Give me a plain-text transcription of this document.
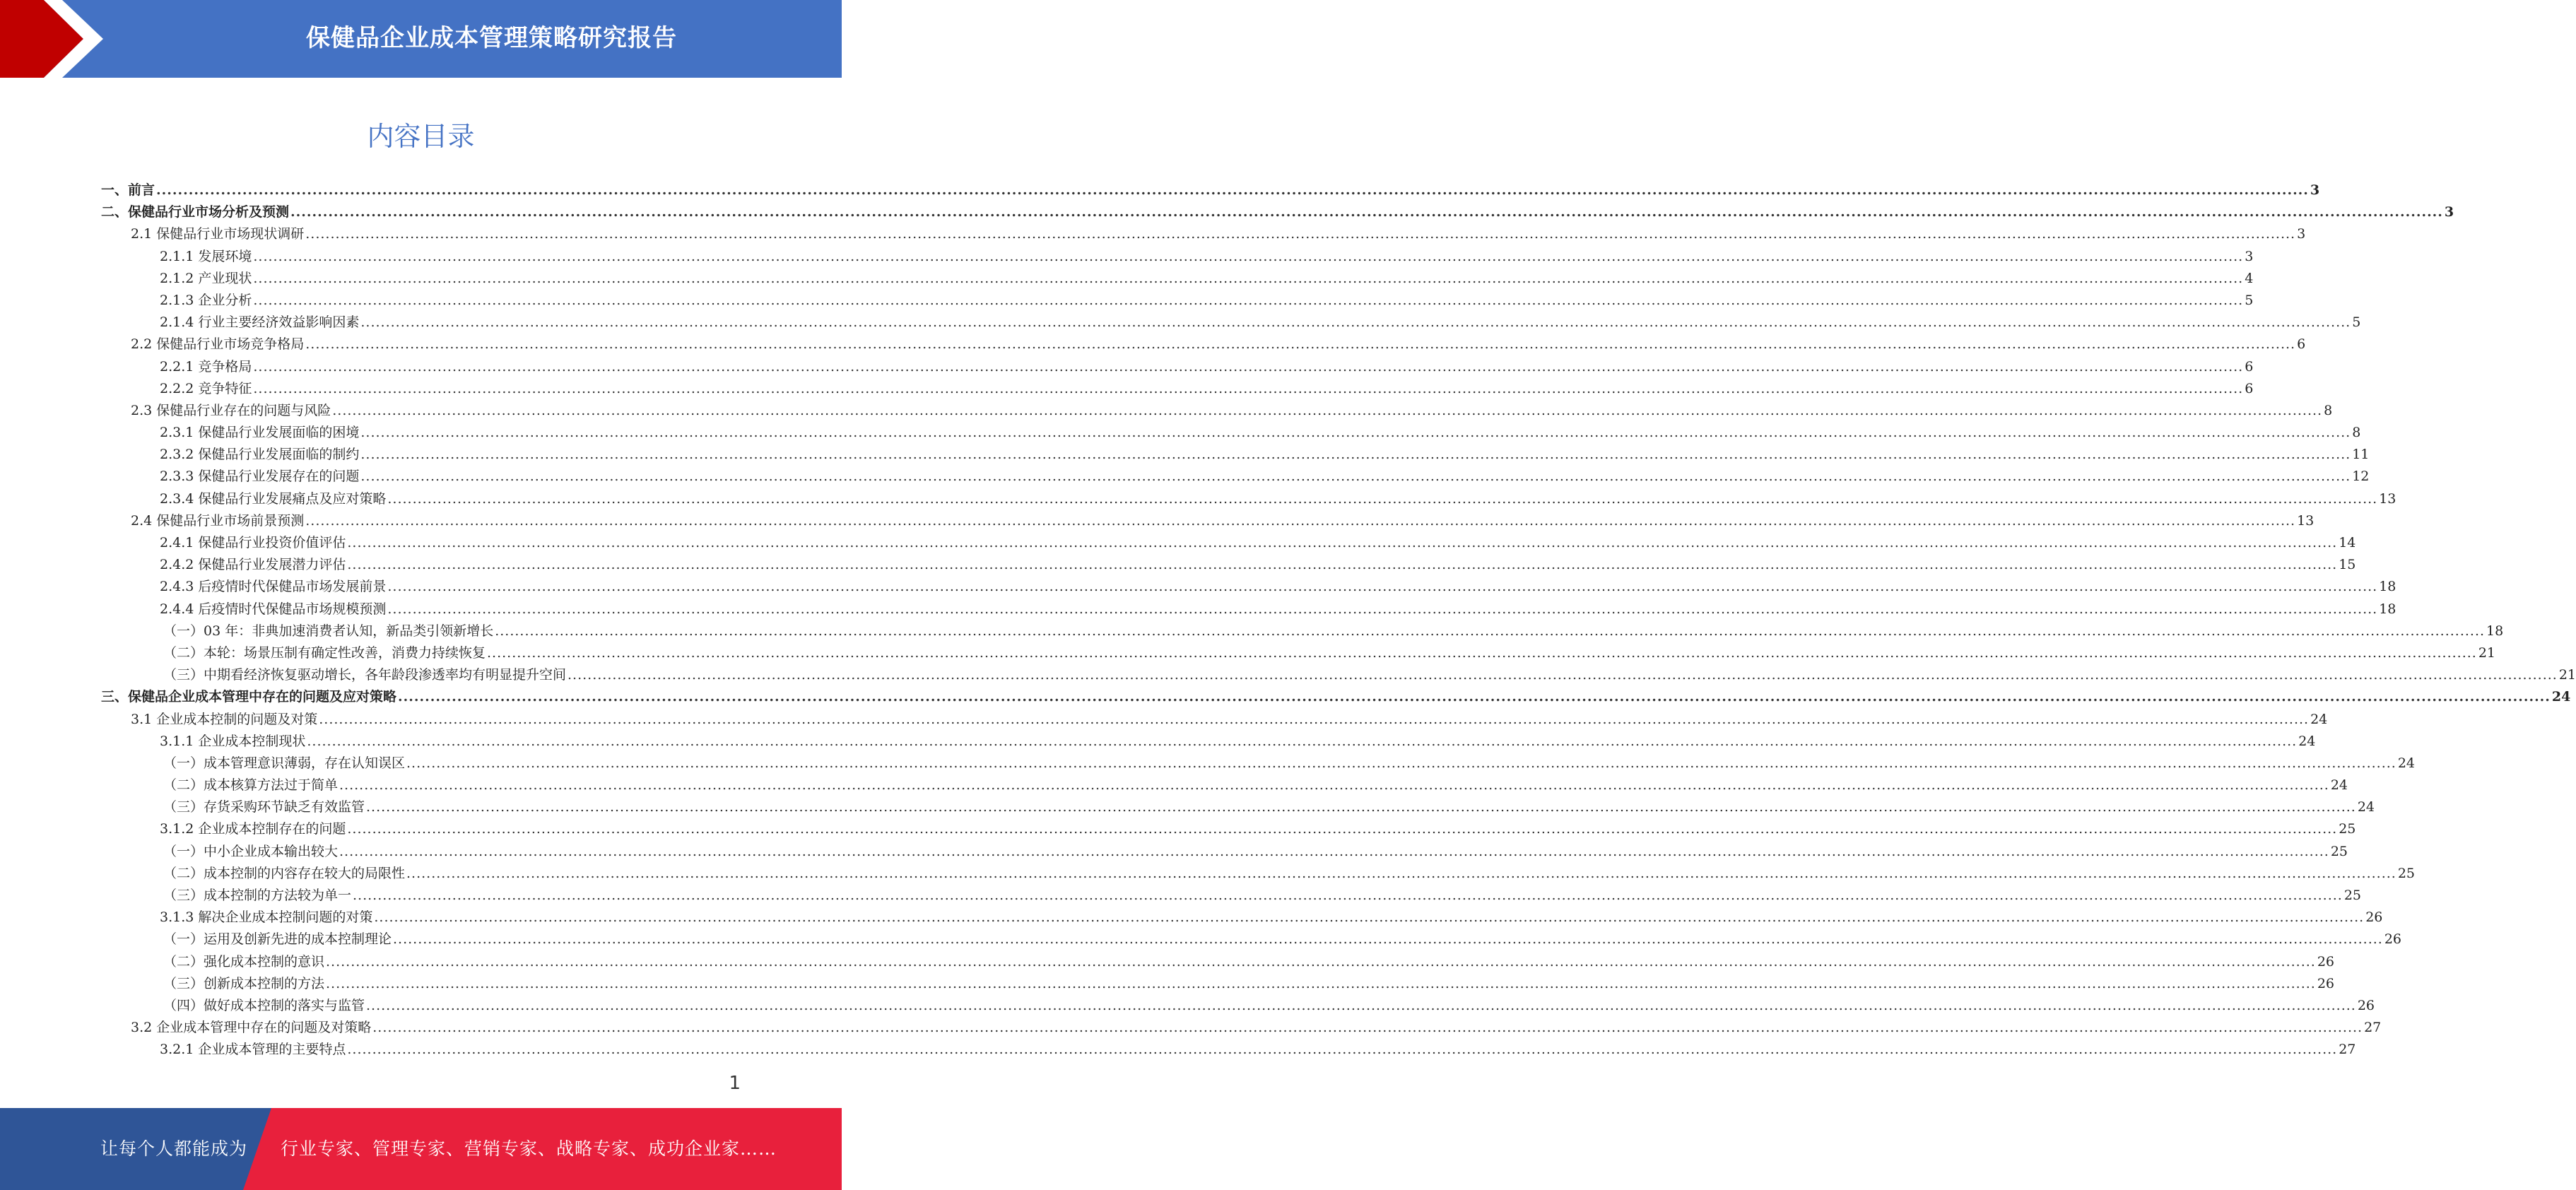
保健品企业成本管理策略研究报告
内容目录
一、前言 ................................................................................................................................................................................................................................................................................................................................................................................................................ 3
二、保健品行业市场分析及预测 ................................................................................................................................................................................................................................................................................................................................................................................................................ 3
2.1 保健品行业市场现状调研 ................................................................................................................................................................................................................................................................................................................................................................................................................ 3
2.1.1 发展环境 ................................................................................................................................................................................................................................................................................................................................................................................................................ 3
2.1.2 产业现状 ................................................................................................................................................................................................................................................................................................................................................................................................................ 4
2.1.3 企业分析 ................................................................................................................................................................................................................................................................................................................................................................................................................ 5
2.1.4 行业主要经济效益影响因素 ................................................................................................................................................................................................................................................................................................................................................................................................................ 5
2.2 保健品行业市场竞争格局 ................................................................................................................................................................................................................................................................................................................................................................................................................ 6
2.2.1 竞争格局 ................................................................................................................................................................................................................................................................................................................................................................................................................ 6
2.2.2 竞争特征 ................................................................................................................................................................................................................................................................................................................................................................................................................ 6
2.3 保健品行业存在的问题与风险 ................................................................................................................................................................................................................................................................................................................................................................................................................ 8
2.3.1 保健品行业发展面临的困境 ................................................................................................................................................................................................................................................................................................................................................................................................................ 8
2.3.2 保健品行业发展面临的制约 ................................................................................................................................................................................................................................................................................................................................................................................................................ 11
2.3.3 保健品行业发展存在的问题 ................................................................................................................................................................................................................................................................................................................................................................................................................ 12
2.3.4 保健品行业发展痛点及应对策略 ................................................................................................................................................................................................................................................................................................................................................................................................................ 13
2.4 保健品行业市场前景预测 ................................................................................................................................................................................................................................................................................................................................................................................................................ 13
2.4.1 保健品行业投资价值评估 ................................................................................................................................................................................................................................................................................................................................................................................................................ 14
2.4.2 保健品行业发展潜力评估 ................................................................................................................................................................................................................................................................................................................................................................................................................ 15
2.4.3 后疫情时代保健品市场发展前景 ................................................................................................................................................................................................................................................................................................................................................................................................................ 18
2.4.4 后疫情时代保健品市场规模预测 ................................................................................................................................................................................................................................................................................................................................................................................................................ 18
（一）03 年：非典加速消费者认知，新品类引领新增长 ................................................................................................................................................................................................................................................................................................................................................................................................................ 18
（二）本轮：场景压制有确定性改善，消费力持续恢复 ................................................................................................................................................................................................................................................................................................................................................................................................................ 21
（三）中期看经济恢复驱动增长，各年龄段渗透率均有明显提升空间 ................................................................................................................................................................................................................................................................................................................................................................................................................ 21
三、保健品企业成本管理中存在的问题及应对策略 ................................................................................................................................................................................................................................................................................................................................................................................................................ 24
3.1 企业成本控制的问题及对策 ................................................................................................................................................................................................................................................................................................................................................................................................................ 24
3.1.1 企业成本控制现状 ................................................................................................................................................................................................................................................................................................................................................................................................................ 24
（一）成本管理意识薄弱，存在认知误区 ................................................................................................................................................................................................................................................................................................................................................................................................................ 24
（二）成本核算方法过于简单 ................................................................................................................................................................................................................................................................................................................................................................................................................ 24
（三）存货采购环节缺乏有效监管 ................................................................................................................................................................................................................................................................................................................................................................................................................ 24
3.1.2 企业成本控制存在的问题 ................................................................................................................................................................................................................................................................................................................................................................................................................ 25
（一）中小企业成本输出较大 ................................................................................................................................................................................................................................................................................................................................................................................................................ 25
（二）成本控制的内容存在较大的局限性 ................................................................................................................................................................................................................................................................................................................................................................................................................ 25
（三）成本控制的方法较为单一 ................................................................................................................................................................................................................................................................................................................................................................................................................ 25
3.1.3 解决企业成本控制问题的对策 ................................................................................................................................................................................................................................................................................................................................................................................................................ 26
（一）运用及创新先进的成本控制理论 ................................................................................................................................................................................................................................................................................................................................................................................................................ 26
（二）强化成本控制的意识 ................................................................................................................................................................................................................................................................................................................................................................................................................ 26
（三）创新成本控制的方法 ................................................................................................................................................................................................................................................................................................................................................................................................................ 26
（四）做好成本控制的落实与监管 ................................................................................................................................................................................................................................................................................................................................................................................................................ 26
3.2 企业成本管理中存在的问题及对策略 ................................................................................................................................................................................................................................................................................................................................................................................................................ 27
3.2.1 企业成本管理的主要特点 ................................................................................................................................................................................................................................................................................................................................................................................................................ 27
1
让每个人都能成为 行业专家、管理专家、营销专家、战略专家、成功企业家……
